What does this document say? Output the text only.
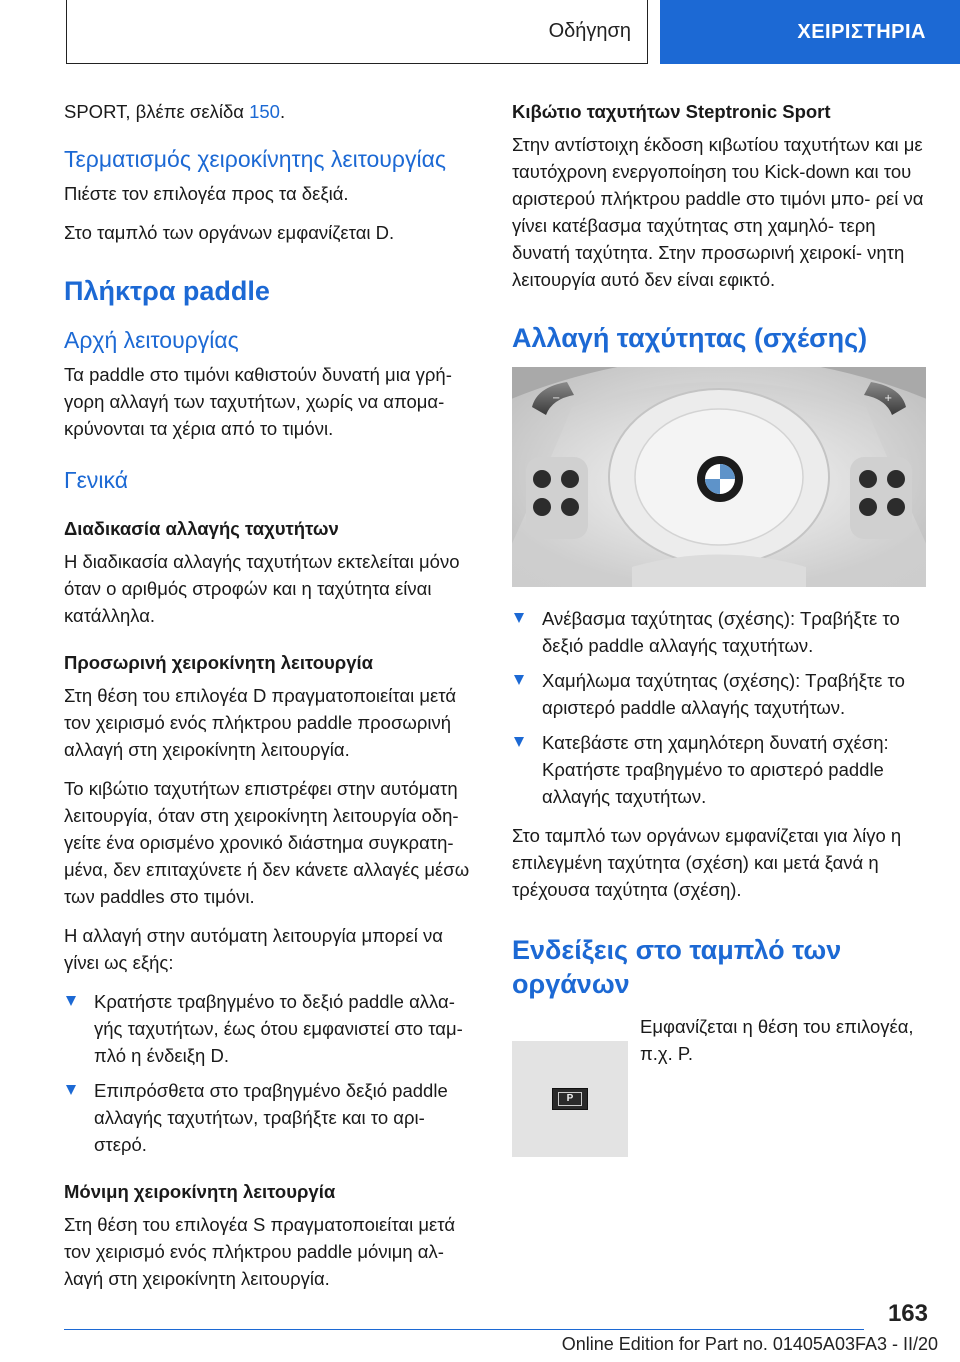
Οδήγηση	ΧΕΙΡΙΣΤΗΡΙΑ

SPORT, βλέπε σελίδα 150.

Τερματισμός χειροκίνητης λειτουργίας

Πιέστε τον επιλογέα προς τα δεξιά.

Στο ταμπλό των οργάνων εμφανίζεται D.

Πλήκτρα paddle
Αρχή λειτουργίας

Τα paddle στο τιμόνι καθιστούν δυνατή μια γρή- γορη αλλαγή των ταχυτήτων, χωρίς να απομα- κρύνονται τα χέρια από το τιμόνι.

Γενικά
Διαδικασία αλλαγής ταχυτήτων

Η διαδικασία αλλαγής ταχυτήτων εκτελείται μόνο όταν ο αριθμός στροφών και η ταχύτητα είναι κατάλληλα.

Προσωρινή χειροκίνητη λειτουργία

Στη θέση του επιλογέα D πραγματοποιείται μετά τον χειρισμό ενός πλήκτρου paddle προσωρινή αλλαγή στη χειροκίνητη λειτουργία.

Το κιβώτιο ταχυτήτων επιστρέφει στην αυτόματη λειτουργία, όταν στη χειροκίνητη λειτουργία οδη- γείτε ένα ορισμένο χρονικό διάστημα συγκρατη- μένα, δεν επιταχύνετε ή δεν κάνετε αλλαγές μέσω των paddles στο τιμόνι.

Η αλλαγή στην αυτόματη λειτουργία μπορεί να γίνει ως εξής:

Κρατήστε τραβηγμένο το δεξιό paddle αλλα- γής ταχυτήτων, έως ότου εμφανιστεί στο ταμ- πλό η ένδειξη D.
Επιπρόσθετα στο τραβηγμένο δεξιό paddle αλλαγής ταχυτήτων, τραβήξτε και το αρι- στερό.
Μόνιμη χειροκίνητη λειτουργία

Στη θέση του επιλογέα S πραγματοποιείται μετά τον χειρισμό ενός πλήκτρου paddle μόνιμη αλ- λαγή στη χειροκίνητη λειτουργία.

Κιβώτιο ταχυτήτων Steptronic Sport

Στην αντίστοιχη έκδοση κιβωτίου ταχυτήτων και με ταυτόχρονη ενεργοποίηση του Kick-down και του αριστερού πλήκτρου paddle στο τιμόνι μπο- ρεί να γίνει κατέβασμα ταχύτητας στη χαμηλό- τερη δυνατή ταχύτητα. Στην προσωρινή χειροκί- νητη λειτουργία αυτό δεν είναι εφικτό.

Αλλαγή ταχύτητας (σχέσης)
−	+
Ανέβασμα ταχύτητας (σχέσης): Τραβήξτε το δεξιό paddle αλλαγής ταχυτήτων.
Χαμήλωμα ταχύτητας (σχέσης): Τραβήξτε το αριστερό paddle αλλαγής ταχυτήτων.
Κατεβάστε στη χαμηλότερη δυνατή σχέση: Κρατήστε τραβηγμένο το αριστερό paddle αλλαγής ταχυτήτων.

Στο ταμπλό των οργάνων εμφανίζεται για λίγο η επιλεγμένη ταχύτητα (σχέση) και μετά ξανά η τρέχουσα ταχύτητα (σχέση).

Ενδείξεις στο ταμπλό των οργάνων
P

Εμφανίζεται η θέση του επιλογέα, π.χ. P.

163
Online Edition for Part no. 01405A03FA3 - II/20
